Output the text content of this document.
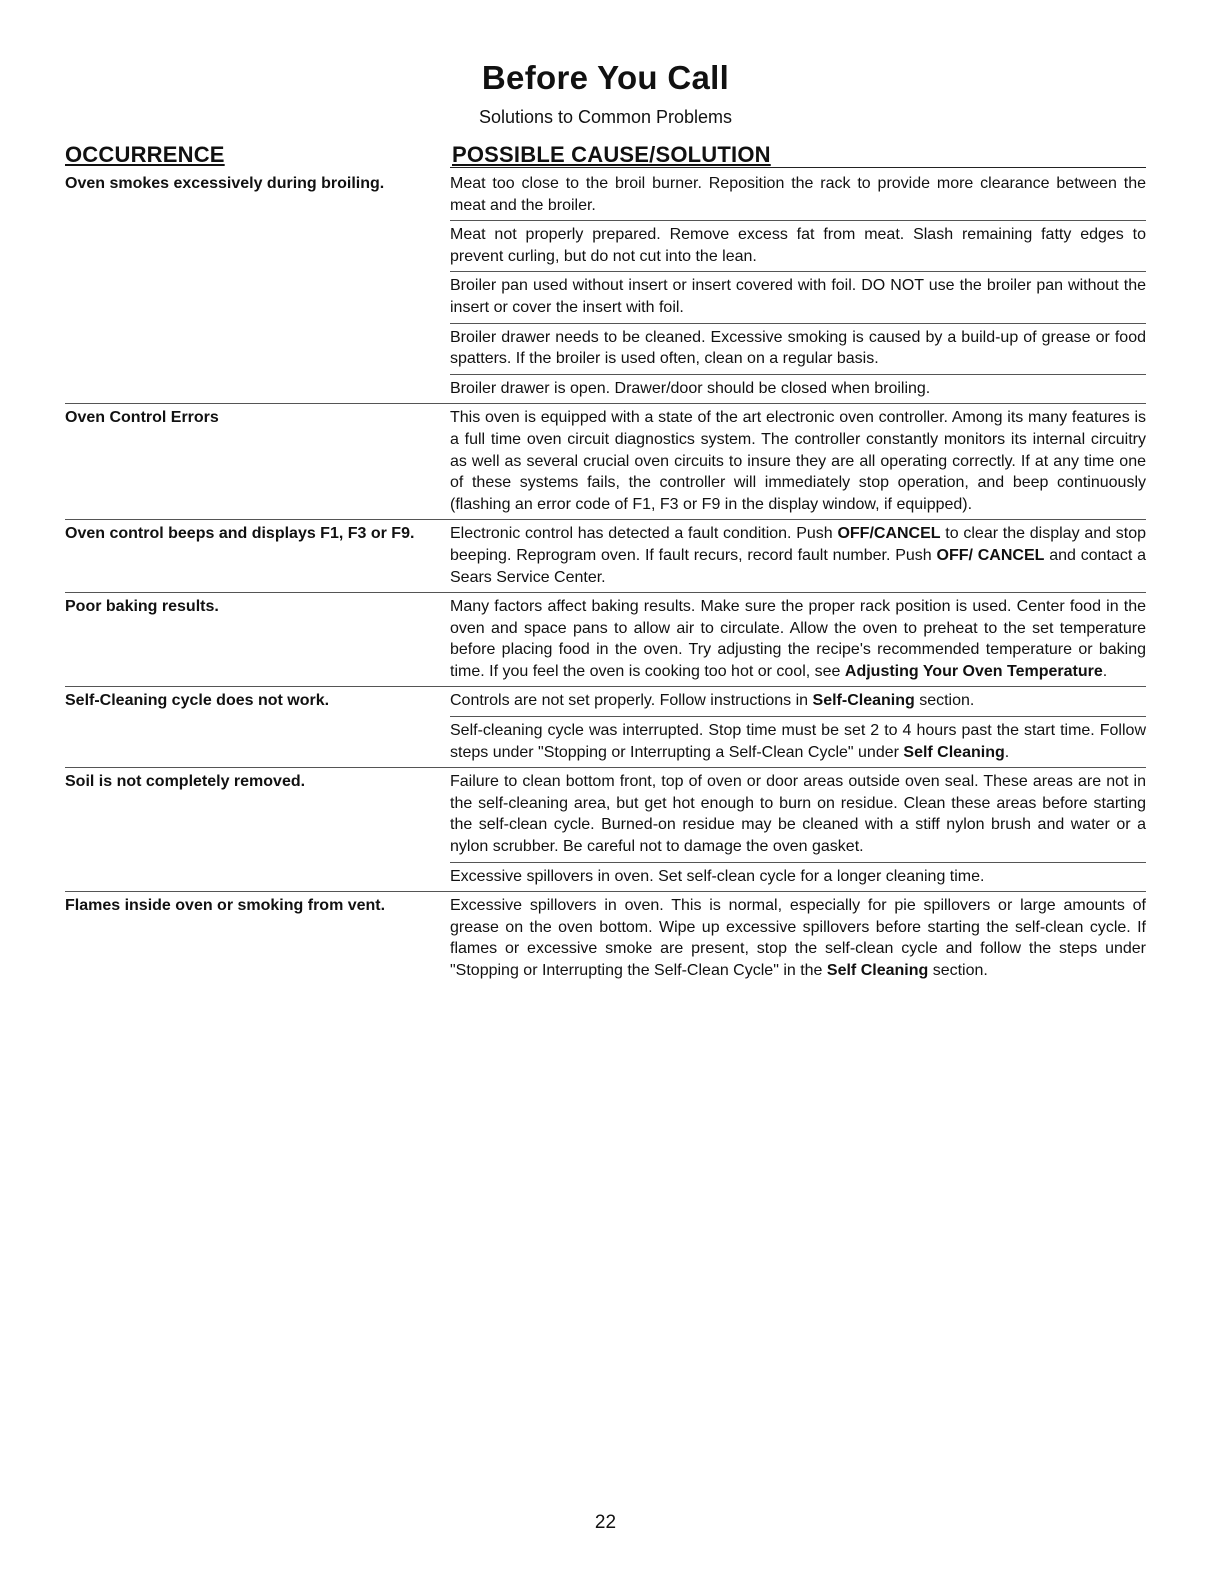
Before You Call
Solutions to Common Problems
OCCURRENCE	POSSIBLE CAUSE/SOLUTION
Oven smokes excessively during broiling.	Meat too close to the broil burner. Reposition the rack to provide more clearance between the meat and the broiler.
Meat not properly prepared. Remove excess fat from meat. Slash remaining fatty edges to prevent curling, but do not cut into the lean.
Broiler pan used without insert or insert covered with foil. DO NOT use the broiler pan without the insert or cover the insert with foil.
Broiler drawer needs to be cleaned. Excessive smoking is caused by a build-up of grease or food spatters. If the broiler is used often, clean on a regular basis.
Broiler drawer is open. Drawer/door should be closed when broiling.
Oven Control Errors	This oven is equipped with a state of the art electronic oven controller. Among its many features is a full time oven circuit diagnostics system. The controller constantly monitors its internal circuitry as well as several crucial oven circuits to insure they are all operating correctly. If at any time one of these systems fails, the controller will immediately stop operation, and beep continuously (flashing an error code of F1, F3 or F9 in the display window, if equipped).
Oven control beeps and displays F1, F3 or F9.	Electronic control has detected a fault condition. Push OFF/CANCEL to clear the display and stop beeping. Reprogram oven. If fault recurs, record fault number. Push OFF/ CANCEL and contact a Sears Service Center.
Poor baking results.	Many factors affect baking results. Make sure the proper rack position is used. Center food in the oven and space pans to allow air to circulate. Allow the oven to preheat to the set temperature before placing food in the oven. Try adjusting the recipe's recommended temperature or baking time. If you feel the oven is cooking too hot or cool, see Adjusting Your Oven Temperature.
Self-Cleaning cycle does not work.	Controls are not set properly. Follow instructions in Self-Cleaning section.
Self-cleaning cycle was interrupted. Stop time must be set 2 to 4 hours past the start time. Follow steps under "Stopping or Interrupting a Self-Clean Cycle" under Self Cleaning.
Soil is not completely removed.	Failure to clean bottom front, top of oven or door areas outside oven seal. These areas are not in the self-cleaning area, but get hot enough to burn on residue. Clean these areas before starting the self-clean cycle. Burned-on residue may be cleaned with a stiff nylon brush and water or a nylon scrubber. Be careful not to damage the oven gasket.
Excessive spillovers in oven. Set self-clean cycle for a longer cleaning time.
Flames inside oven or smoking from vent.	Excessive spillovers in oven. This is normal, especially for pie spillovers or large amounts of grease on the oven bottom. Wipe up excessive spillovers before starting the self-clean cycle. If flames or excessive smoke are present, stop the self-clean cycle and follow the steps under "Stopping or Interrupting the Self-Clean Cycle" in the Self Cleaning section.
22
